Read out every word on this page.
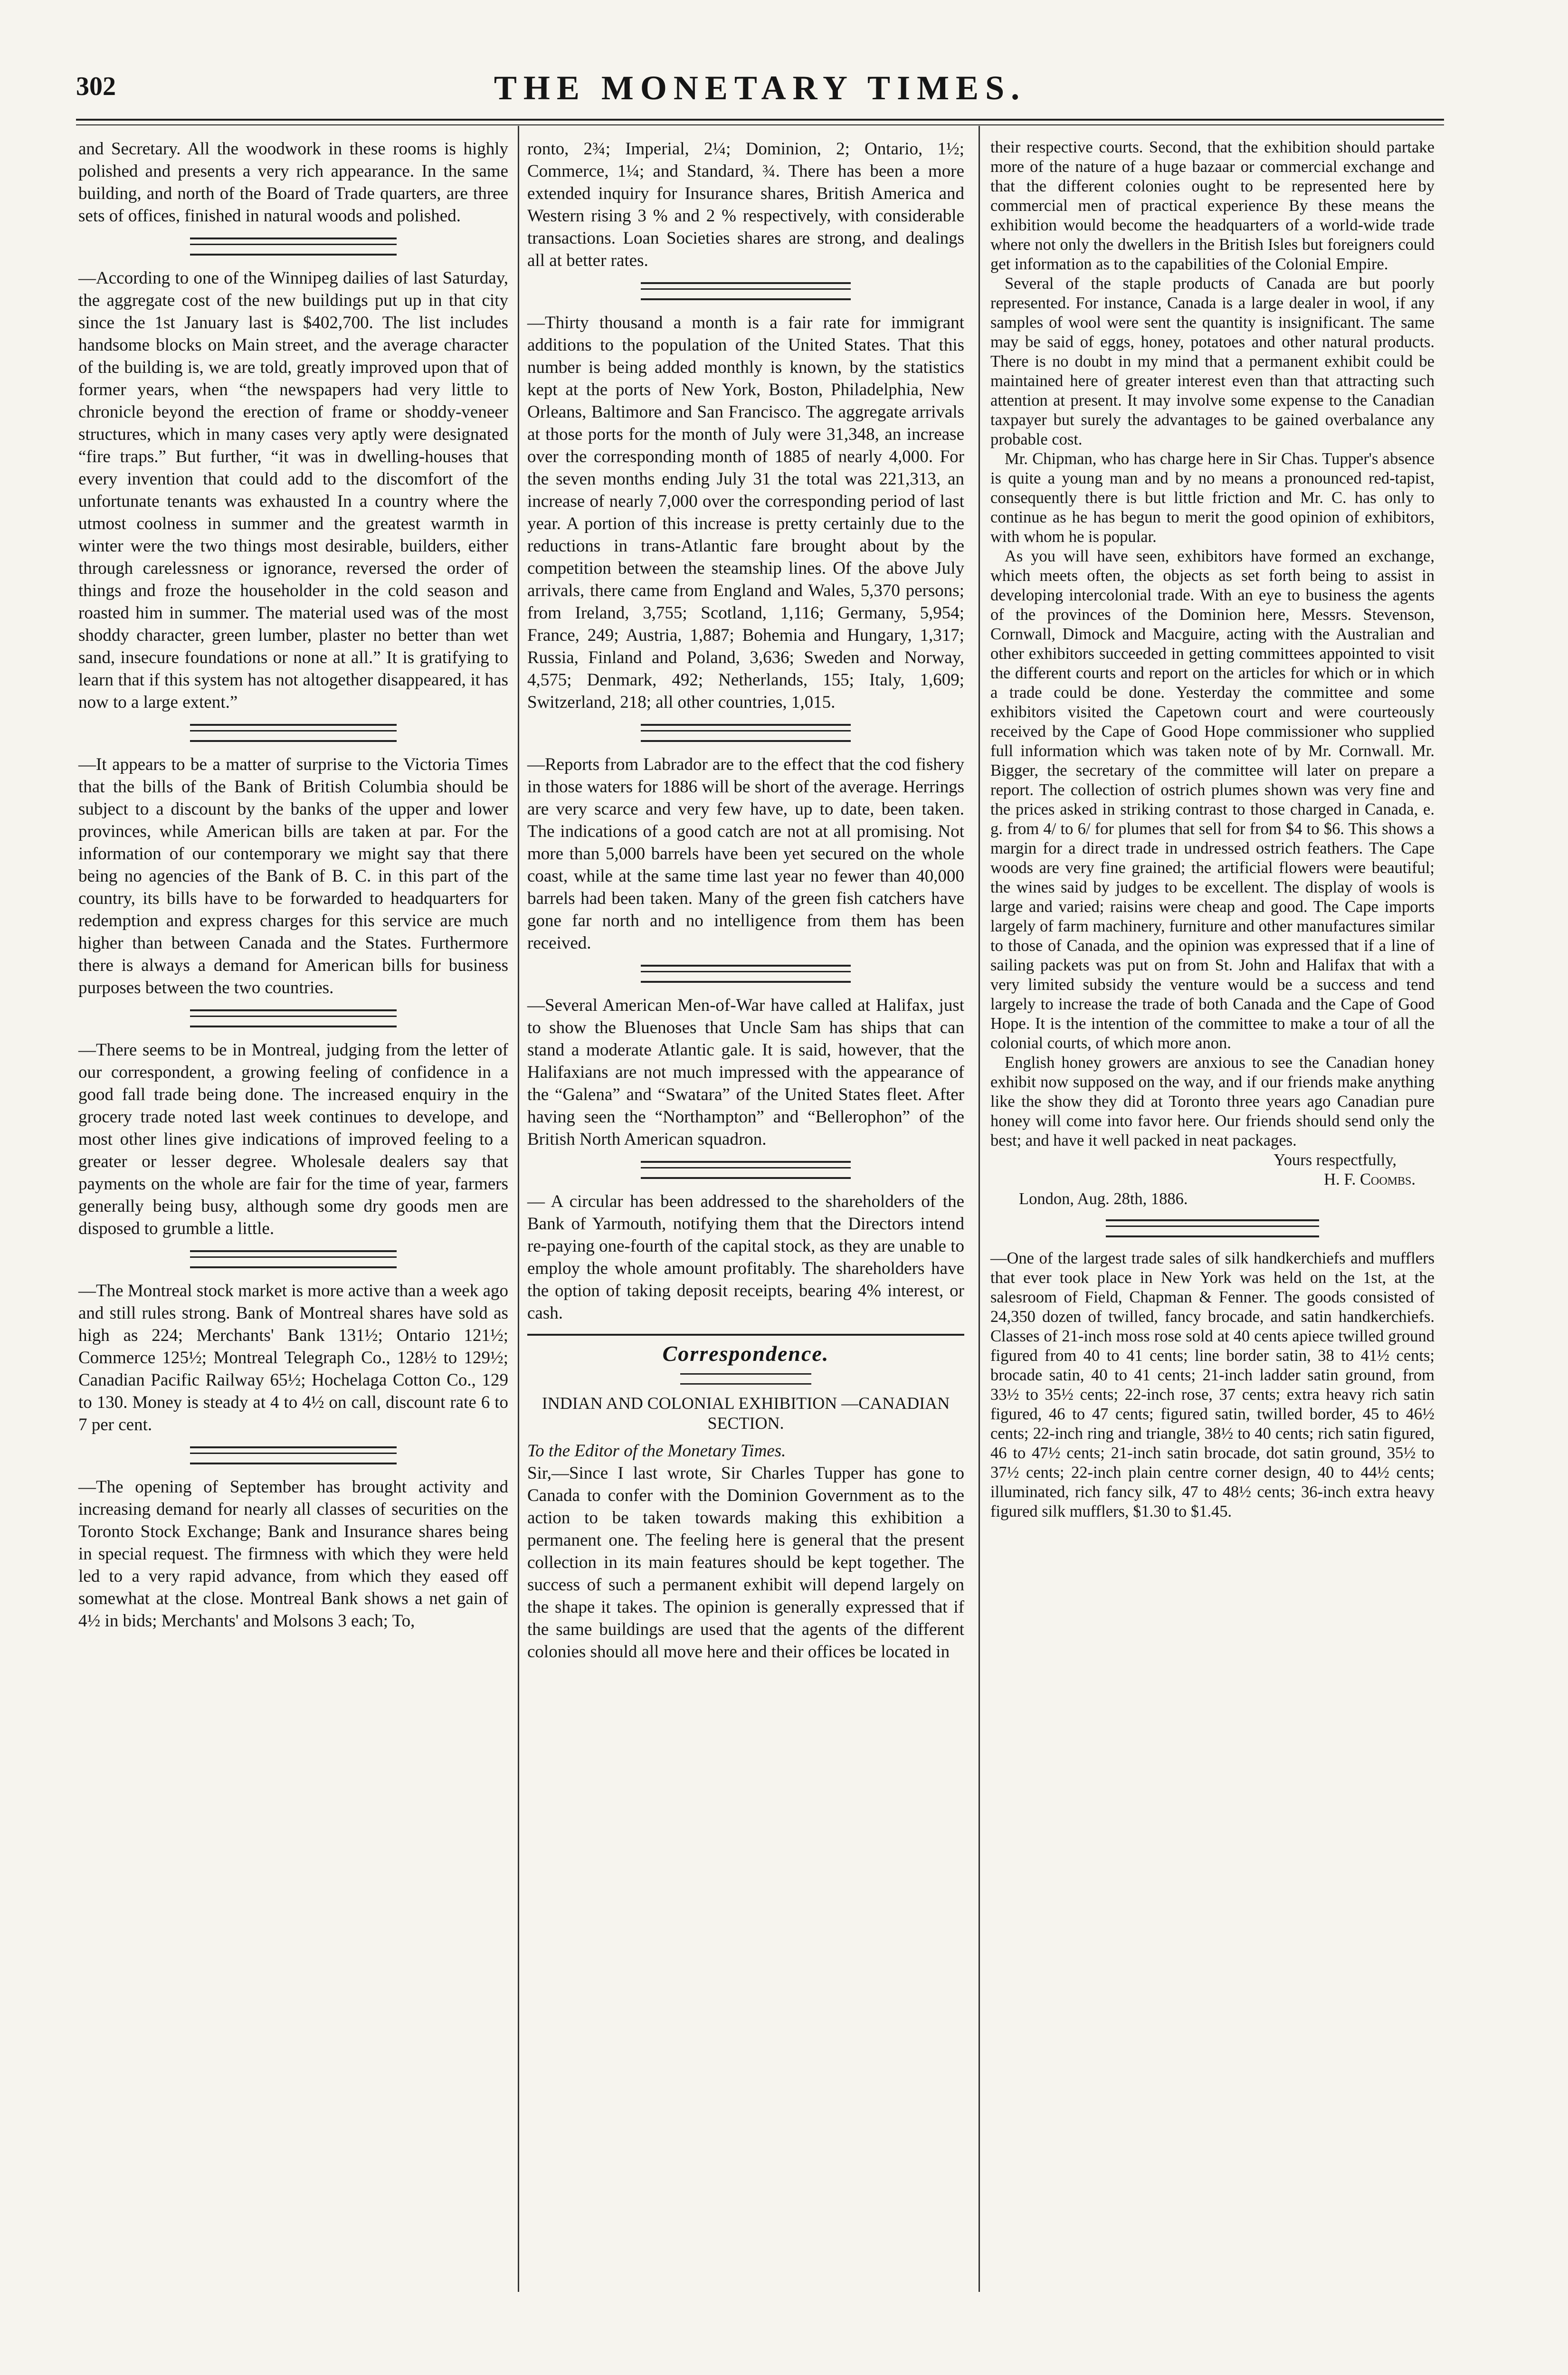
302	THE MONETARY TIMES.

and Secretary. All the woodwork in these rooms is highly polished and presents a very rich appearance. In the same building, and north of the Board of Trade quarters, are three sets of offices, finished in natural woods and polished.

—According to one of the Winnipeg dailies of last Saturday, the aggregate cost of the new buildings put up in that city since the 1st January last is $402,700. The list includes handsome blocks on Main street, and the average character of the building is, we are told, greatly improved upon that of former years, when “the newspapers had very little to chronicle beyond the erection of frame or shoddy-veneer structures, which in many cases very aptly were designated “fire traps.” But further, “it was in dwelling-houses that every invention that could add to the discomfort of the unfortunate tenants was exhausted In a country where the utmost coolness in summer and the greatest warmth in winter were the two things most desirable, builders, either through carelessness or ignorance, reversed the order of things and froze the householder in the cold season and roasted him in summer. The material used was of the most shoddy character, green lumber, plaster no better than wet sand, insecure foundations or none at all.” It is gratifying to learn that if this system has not altogether disappeared, it has now to a large extent.”

—It appears to be a matter of surprise to the Victoria Times that the bills of the Bank of British Columbia should be subject to a discount by the banks of the upper and lower provinces, while American bills are taken at par. For the information of our contemporary we might say that there being no agencies of the Bank of B. C. in this part of the country, its bills have to be forwarded to headquarters for redemption and express charges for this service are much higher than between Canada and the States. Furthermore there is always a demand for American bills for business purposes between the two countries.

—There seems to be in Montreal, judging from the letter of our correspondent, a growing feeling of confidence in a good fall trade being done. The increased enquiry in the grocery trade noted last week continues to develope, and most other lines give indications of improved feeling to a greater or lesser degree. Wholesale dealers say that payments on the whole are fair for the time of year, farmers generally being busy, although some dry goods men are disposed to grumble a little.

—The Montreal stock market is more active than a week ago and still rules strong. Bank of Montreal shares have sold as high as 224; Merchants' Bank 131½; Ontario 121½; Commerce 125½; Montreal Telegraph Co., 128½ to 129½; Canadian Pacific Railway 65½; Hochelaga Cotton Co., 129 to 130. Money is steady at 4 to 4½ on call, discount rate 6 to 7 per cent.

—The opening of September has brought activity and increasing demand for nearly all classes of securities on the Toronto Stock Exchange; Bank and Insurance shares being in special request. The firmness with which they were held led to a very rapid advance, from which they eased off somewhat at the close. Montreal Bank shows a net gain of 4½ in bids; Merchants' and Molsons 3 each; To,

ronto, 2¾; Imperial, 2¼; Dominion, 2; Ontario, 1½; Commerce, 1¼; and Standard, ¾. There has been a more extended inquiry for Insurance shares, British America and Western rising 3 % and 2 % respectively, with considerable transactions. Loan Societies shares are strong, and dealings all at better rates.

—Thirty thousand a month is a fair rate for immigrant additions to the population of the United States. That this number is being added monthly is known, by the statistics kept at the ports of New York, Boston, Philadelphia, New Orleans, Baltimore and San Francisco. The aggregate arrivals at those ports for the month of July were 31,348, an increase over the corresponding month of 1885 of nearly 4,000. For the seven months ending July 31 the total was 221,313, an increase of nearly 7,000 over the corresponding period of last year. A portion of this increase is pretty certainly due to the reductions in trans-Atlantic fare brought about by the competition between the steamship lines. Of the above July arrivals, there came from England and Wales, 5,370 persons; from Ireland, 3,755; Scotland, 1,116; Germany, 5,954; France, 249; Austria, 1,887; Bohemia and Hungary, 1,317; Russia, Finland and Poland, 3,636; Sweden and Norway, 4,575; Denmark, 492; Netherlands, 155; Italy, 1,609; Switzerland, 218; all other countries, 1,015.

—Reports from Labrador are to the effect that the cod fishery in those waters for 1886 will be short of the average. Herrings are very scarce and very few have, up to date, been taken. The indications of a good catch are not at all promising. Not more than 5,000 barrels have been yet secured on the whole coast, while at the same time last year no fewer than 40,000 barrels had been taken. Many of the green fish catchers have gone far north and no intelligence from them has been received.

—Several American Men-of-War have called at Halifax, just to show the Bluenoses that Uncle Sam has ships that can stand a moderate Atlantic gale. It is said, however, that the Halifaxians are not much impressed with the appearance of the “Galena” and “Swatara” of the United States fleet. After having seen the “Northampton” and “Bellerophon” of the British North American squadron.

— A circular has been addressed to the shareholders of the Bank of Yarmouth, notifying them that the Directors intend re-paying one-fourth of the capital stock, as they are unable to employ the whole amount profitably. The shareholders have the option of taking deposit receipts, bearing 4% interest, or cash.

Correspondence.
INDIAN AND COLONIAL EXHIBITION —CANADIAN SECTION.

To the Editor of the Monetary Times.

Sir,—Since I last wrote, Sir Charles Tupper has gone to Canada to confer with the Dominion Government as to the action to be taken towards making this exhibition a permanent one. The feeling here is general that the present collection in its main features should be kept together. The success of such a permanent exhibit will depend largely on the shape it takes. The opinion is generally expressed that if the same buildings are used that the agents of the different colonies should all move here and their offices be located in

their respective courts. Second, that the exhibition should partake more of the nature of a huge bazaar or commercial exchange and that the different colonies ought to be represented here by commercial men of practical experience By these means the exhibition would become the headquarters of a world-wide trade where not only the dwellers in the British Isles but foreigners could get information as to the capabilities of the Colonial Empire.

Several of the staple products of Canada are but poorly represented. For instance, Canada is a large dealer in wool, if any samples of wool were sent the quantity is insignificant. The same may be said of eggs, honey, potatoes and other natural products. There is no doubt in my mind that a permanent exhibit could be maintained here of greater interest even than that attracting such attention at present. It may involve some expense to the Canadian taxpayer but surely the advantages to be gained overbalance any probable cost.

Mr. Chipman, who has charge here in Sir Chas. Tupper's absence is quite a young man and by no means a pronounced red-tapist, consequently there is but little friction and Mr. C. has only to continue as he has begun to merit the good opinion of exhibitors, with whom he is popular.

As you will have seen, exhibitors have formed an exchange, which meets often, the objects as set forth being to assist in developing intercolonial trade. With an eye to business the agents of the provinces of the Dominion here, Messrs. Stevenson, Cornwall, Dimock and Macguire, acting with the Australian and other exhibitors succeeded in getting committees appointed to visit the different courts and report on the articles for which or in which a trade could be done. Yesterday the committee and some exhibitors visited the Capetown court and were courteously received by the Cape of Good Hope commissioner who supplied full information which was taken note of by Mr. Cornwall. Mr. Bigger, the secretary of the committee will later on prepare a report. The collection of ostrich plumes shown was very fine and the prices asked in striking contrast to those charged in Canada, e. g. from 4/ to 6/ for plumes that sell for from $4 to $6. This shows a margin for a direct trade in undressed ostrich feathers. The Cape woods are very fine grained; the artificial flowers were beautiful; the wines said by judges to be excellent. The display of wools is large and varied; raisins were cheap and good. The Cape imports largely of farm machinery, furniture and other manufactures similar to those of Canada, and the opinion was expressed that if a line of sailing packets was put on from St. John and Halifax that with a very limited subsidy the venture would be a success and tend largely to increase the trade of both Canada and the Cape of Good Hope. It is the intention of the committee to make a tour of all the colonial courts, of which more anon.

English honey growers are anxious to see the Canadian honey exhibit now supposed on the way, and if our friends make anything like the show they did at Toronto three years ago Canadian pure honey will come into favor here. Our friends should send only the best; and have it well packed in neat packages.

Yours respectfully,

H. F. Coombs.

London, Aug. 28th, 1886.

—One of the largest trade sales of silk handkerchiefs and mufflers that ever took place in New York was held on the 1st, at the salesroom of Field, Chapman & Fenner. The goods consisted of 24,350 dozen of twilled, fancy brocade, and satin handkerchiefs. Classes of 21-inch moss rose sold at 40 cents apiece twilled ground figured from 40 to 41 cents; line border satin, 38 to 41½ cents; brocade satin, 40 to 41 cents; 21-inch ladder satin ground, from 33½ to 35½ cents; 22-inch rose, 37 cents; extra heavy rich satin figured, 46 to 47 cents; figured satin, twilled border, 45 to 46½ cents; 22-inch ring and triangle, 38½ to 40 cents; rich satin figured, 46 to 47½ cents; 21-inch satin brocade, dot satin ground, 35½ to 37½ cents; 22-inch plain centre corner design, 40 to 44½ cents; illuminated, rich fancy silk, 47 to 48½ cents; 36-inch extra heavy figured silk mufflers, $1.30 to $1.45.
